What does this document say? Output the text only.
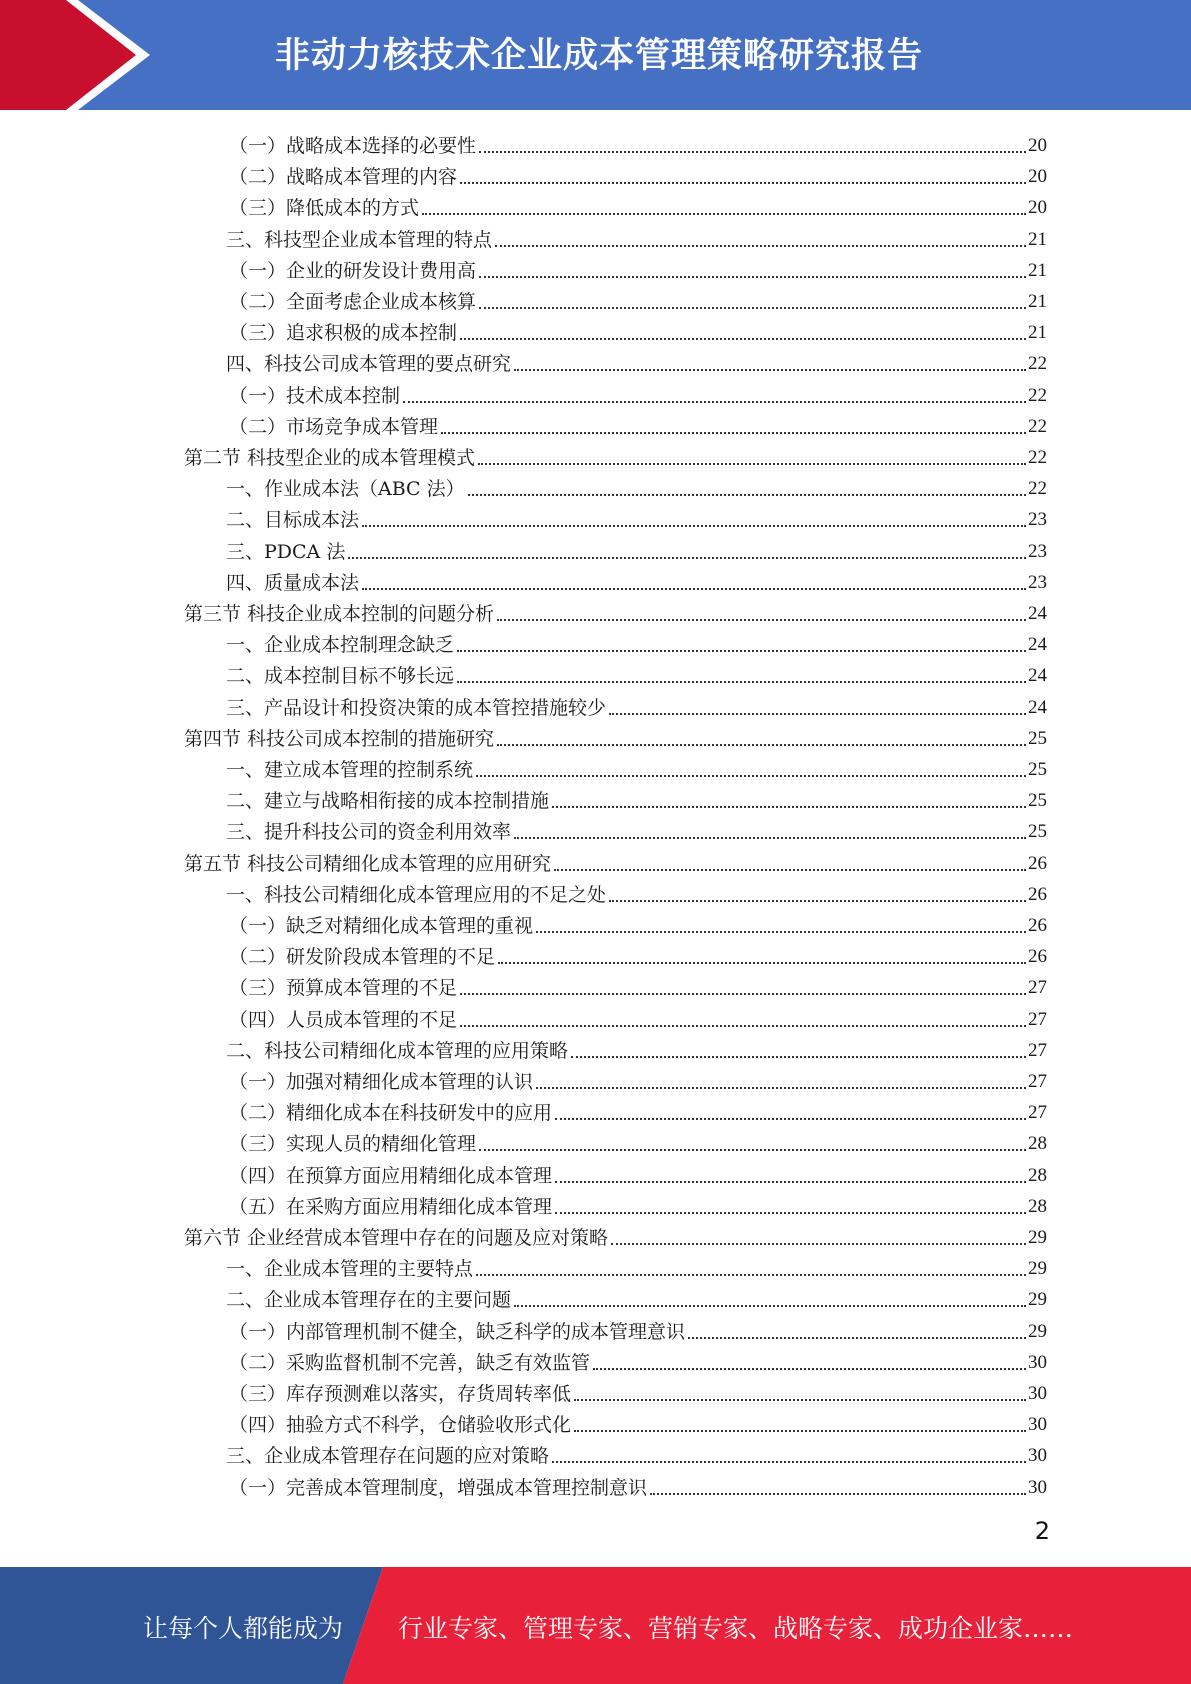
非动力核技术企业成本管理策略研究报告
（一）战略成本选择的必要性	20
（二）战略成本管理的内容	20
（三）降低成本的方式	20
三、科技型企业成本管理的特点	21
（一）企业的研发设计费用高	21
（二）全面考虑企业成本核算	21
（三）追求积极的成本控制	21
四、科技公司成本管理的要点研究	22
（一）技术成本控制	22
（二）市场竞争成本管理	22
第二节 科技型企业的成本管理模式	22
一、作业成本法（ABC 法）	22
二、目标成本法	23
三、PDCA 法	23
四、质量成本法	23
第三节 科技企业成本控制的问题分析	24
一、企业成本控制理念缺乏	24
二、成本控制目标不够长远	24
三、产品设计和投资决策的成本管控措施较少	24
第四节 科技公司成本控制的措施研究	25
一、建立成本管理的控制系统	25
二、建立与战略相衔接的成本控制措施	25
三、提升科技公司的资金利用效率	25
第五节 科技公司精细化成本管理的应用研究	26
一、科技公司精细化成本管理应用的不足之处	26
（一）缺乏对精细化成本管理的重视	26
（二）研发阶段成本管理的不足	26
（三）预算成本管理的不足	27
（四）人员成本管理的不足	27
二、科技公司精细化成本管理的应用策略	27
（一）加强对精细化成本管理的认识	27
（二）精细化成本在科技研发中的应用	27
（三）实现人员的精细化管理	28
（四）在预算方面应用精细化成本管理	28
（五）在采购方面应用精细化成本管理	28
第六节 企业经营成本管理中存在的问题及应对策略	29
一、企业成本管理的主要特点	29
二、企业成本管理存在的主要问题	29
（一）内部管理机制不健全，缺乏科学的成本管理意识	29
（二）采购监督机制不完善，缺乏有效监管	30
（三）库存预测难以落实，存货周转率低	30
（四）抽验方式不科学，仓储验收形式化	30
三、企业成本管理存在问题的应对策略	30
（一）完善成本管理制度，增强成本管理控制意识	30
2
让每个人都能成为 行业专家、管理专家、营销专家、战略专家、成功企业家……
